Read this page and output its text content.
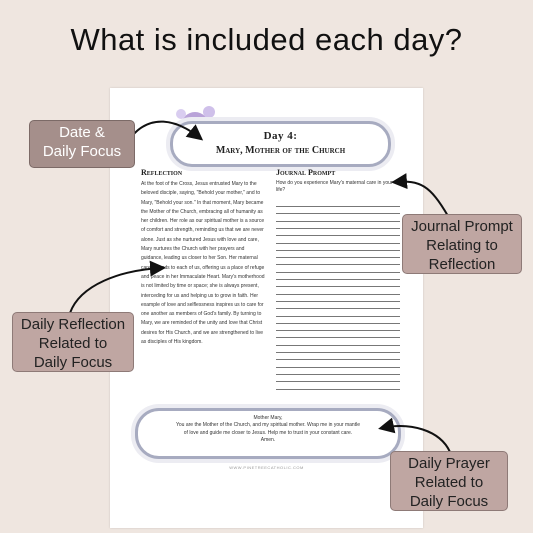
What is included each day?
Day 4:
Mary, Mother of the Church
Reflection
At the foot of the Cross, Jesus entrusted Mary to the beloved disciple, saying, "Behold your mother," and to Mary, "Behold your son." In that moment, Mary became the Mother of the Church, embracing all of humanity as her children. Her role as our spiritual mother is a source of comfort and strength, reminding us that we are never alone. Just as she nurtured Jesus with love and care, Mary nurtures the Church with her prayers and guidance, leading us closer to her Son. Her maternal care extends to each of us, offering us a place of refuge and peace in her Immaculate Heart. Mary's motherhood is not limited by time or space; she is always present, interceding for us and helping us to grow in faith. Her example of love and selflessness inspires us to care for one another as members of God's family. By turning to Mary, we are reminded of the unity and love that Christ desires for His Church, and we are strengthened to live as disciples of His kingdom.
Journal Prompt
How do you experience Mary's maternal care in your life?
Mother Mary,
You are the Mother of the Church, and my spiritual mother. Wrap me in your mantle
of love and guide me closer to Jesus. Help me to trust in your constant care.
Amen.
WWW.PINETREECATHOLIC.COM
Date &
Daily Focus
Journal Prompt
Relating to
Reflection
Daily Reflection
Related to
Daily Focus
Daily Prayer
Related to
Daily Focus
